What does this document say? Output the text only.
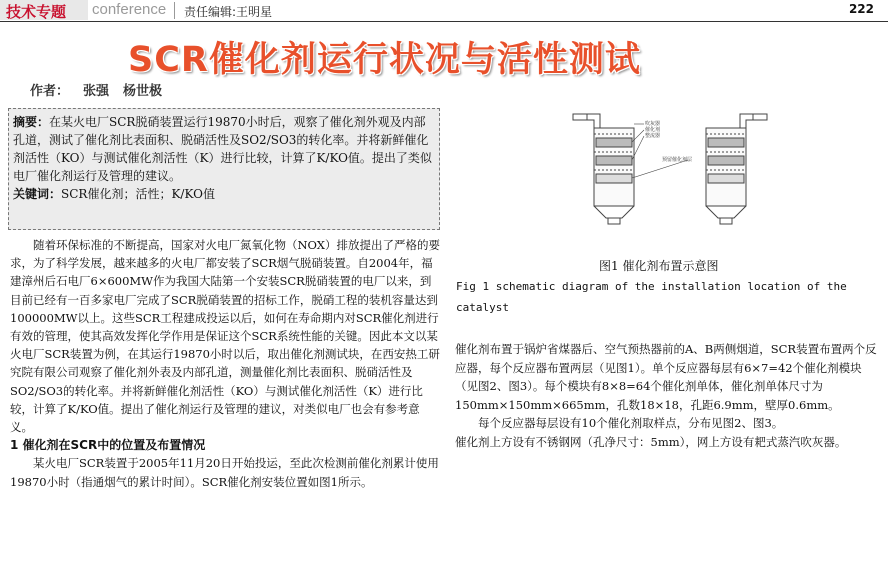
技术专题 conference 责任编辑:王明星	222
SCR催化剂运行状况与活性测试
作者： 张强 杨世极
摘要：在某火电厂SCR脱硝装置运行19870小时后，观察了催化剂外观及内部孔道，测试了催化剂比表面积、脱硝活性及SO2/SO3的转化率。并将新鲜催化剂活性（KO）与测试催化剂活性（K）进行比较，计算了K/KO值。提出了类似电厂催化剂运行及管理的建议。
关键词：SCR催化剂；活性；K/KO值

随着环保标准的不断提高，国家对火电厂氮氧化物（NOX）排放提出了严格的要求，为了科学发展，越来越多的火电厂都安装了SCR烟气脱硝装置。自2004年，福建漳州后石电厂6×600MW作为我国大陆第一个安装SCR脱硝装置的电厂以来，到目前已经有一百多家电厂完成了SCR脱硝装置的招标工作，脱硝工程的装机容量达到100000MW以上。这些SCR工程建成投运以后，如何在寿命期内对SCR催化剂进行有效的管理，使其高效发挥化学作用是保证这个SCR系统性能的关键。因此本文以某火电厂SCR装置为例，在其运行19870小时以后，取出催化剂测试块，在西安热工研究院有限公司观察了催化剂外表及内部孔道，测量催化剂比表面积、脱硝活性及SO2/SO3的转化率。并将新鲜催化剂活性（KO）与测试催化剂活性（K）进行比较，计算了K/KO值。提出了催化剂运行及管理的建议，对类似电厂也会有参考意义。

1 催化剂在SCR中的位置及布置情况

某火电厂SCR装置于2005年11月20日开始投运，至此次检测前催化剂累计使用19870小时（指通烟气的累计时间）。SCR催化剂安装位置如图1所示。

吹灰器
催化剂
整流器
预留催化剂层
图1 催化剂布置示意图
Fig 1 schematic diagram of the installation location of the catalyst

催化剂布置于锅炉省煤器后、空气预热器前的A、B两侧烟道，SCR装置布置两个反应器，每个反应器布置两层（见图1）。单个反应器每层有6×7=42个催化剂模块（见图2、图3）。每个模块有8×8=64个催化剂单体，催化剂单体尺寸为150mm×150mm×665mm，孔数18×18，孔距6.9mm，壁厚0.6mm。

每个反应器每层设有10个催化剂取样点，分布见图2、图3。

催化剂上方设有不锈钢网（孔净尺寸：5mm），网上方设有耙式蒸汽吹灰器。
